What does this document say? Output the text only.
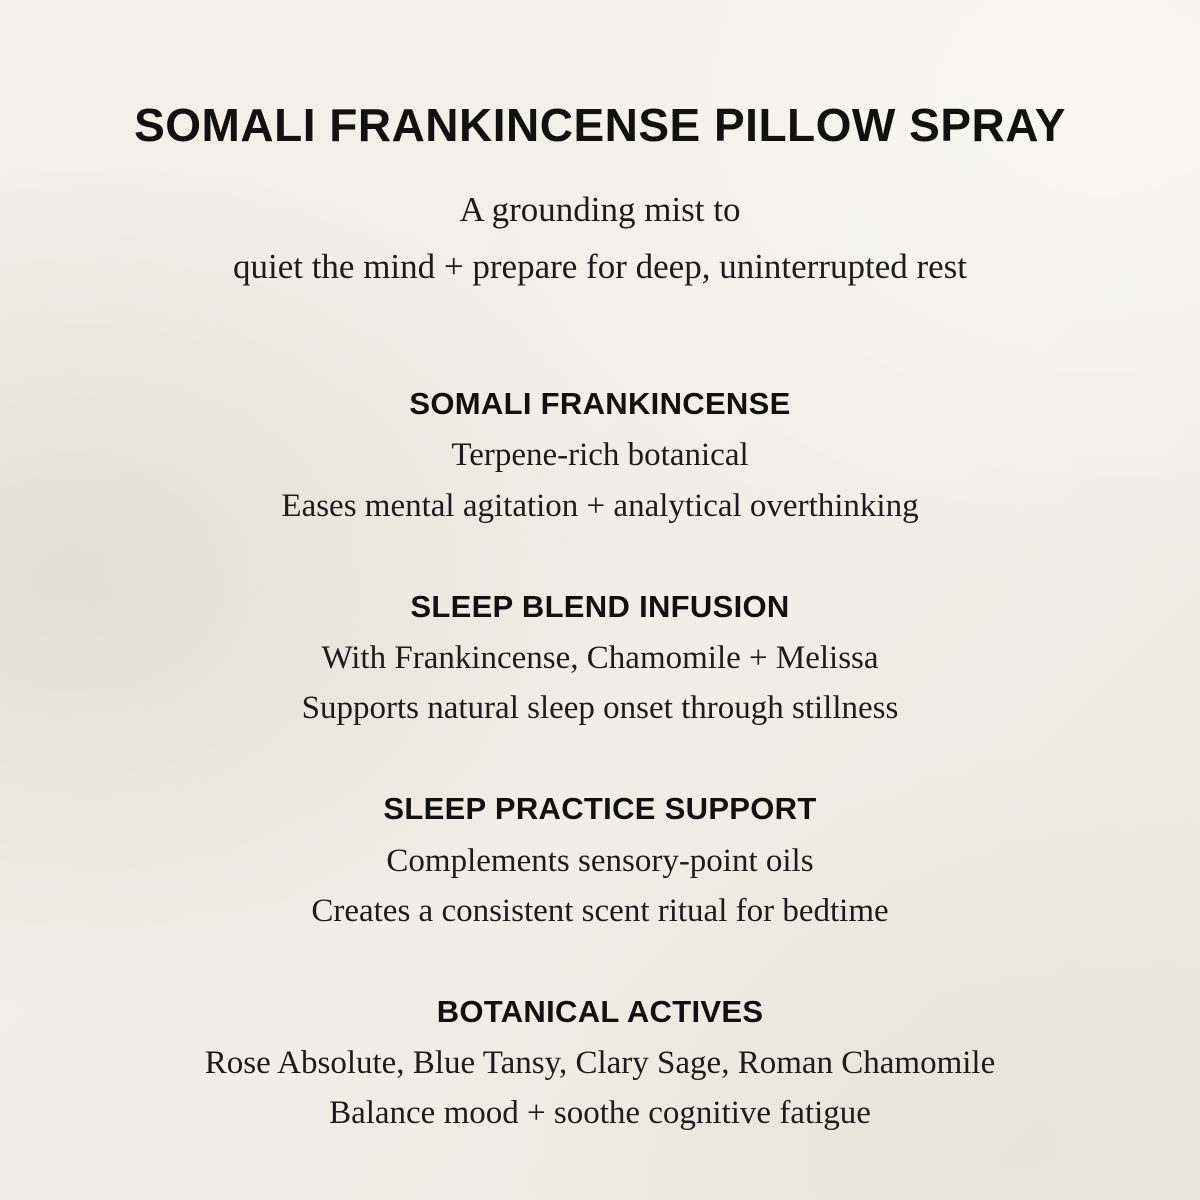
SOMALI FRANKINCENSE PILLOW SPRAY

A grounding mist to

quiet the mind + prepare for deep, uninterrupted rest

SOMALI FRANKINCENSE

Terpene-rich botanical

Eases mental agitation + analytical overthinking

SLEEP BLEND INFUSION

With Frankincense, Chamomile + Melissa

Supports natural sleep onset through stillness

SLEEP PRACTICE SUPPORT

Complements sensory-point oils

Creates a consistent scent ritual for bedtime

BOTANICAL ACTIVES

Rose Absolute, Blue Tansy, Clary Sage, Roman Chamomile

Balance mood + soothe cognitive fatigue
